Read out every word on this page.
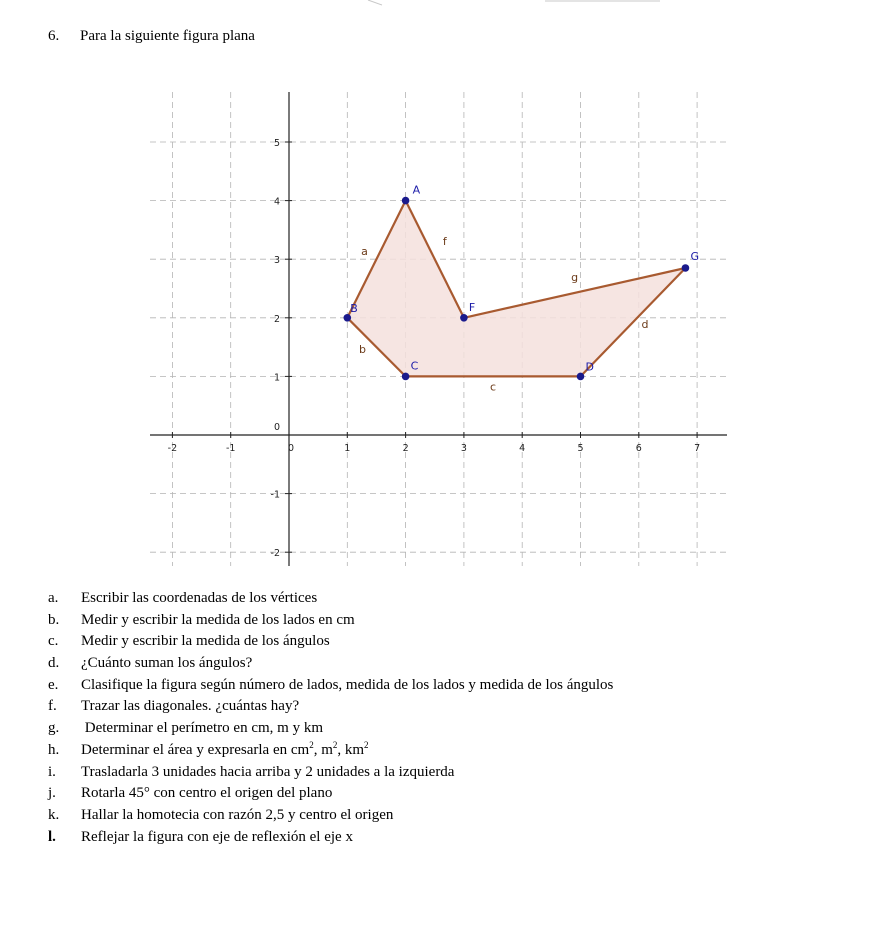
6. Para la siguiente figura plana
-2	-1	0	1	2	3	4	5	6	7
-2
-1
0
1
2
3
4
5
a
b
c
d
g
f
A
B
C	D
G
F
a. Escribir las coordenadas de los vértices
b. Medir y escribir la medida de los lados en cm
c. Medir y escribir la medida de los ángulos
d. ¿Cuánto suman los ángulos?
e. Clasifique la figura según número de lados, medida de los lados y medida de los ángulos
f. Trazar las diagonales. ¿cuántas hay?
g. Determinar el perímetro en cm, m y km
h. Determinar el área y expresarla en $cm^2$, $m^2$, $km^2$
i. Trasladarla 3 unidades hacia arriba y 2 unidades a la izquierda
j. Rotarla 45° con centro el origen del plano
k. Hallar la homotecia con razón 2,5 y centro el origen
l. Reflejar la figura con eje de reflexión el eje x
